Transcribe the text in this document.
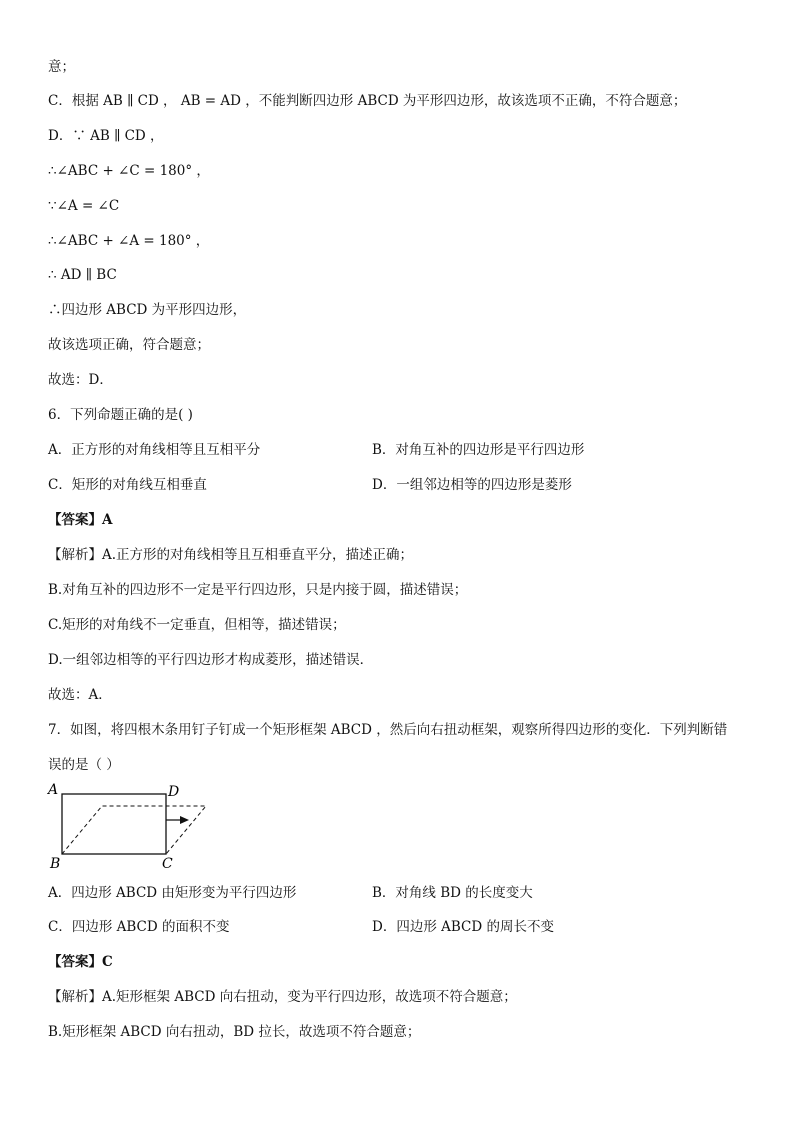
意；
C．根据 AB ∥ CD ， AB = AD ，不能判断四边形 ABCD 为平形四边形，故该选项不正确，不符合题意；
D．∵ AB ∥ CD ，
∴∠ABC + ∠C = 180° ，
∵∠A = ∠C
∴∠ABC + ∠A = 180° ，
∴ AD ∥ BC
∴四边形 ABCD 为平形四边形，
故该选项正确，符合题意；
故选：D．
6．下列命题正确的是( )
A．正方形的对角线相等且互相平分	B．对角互补的四边形是平行四边形
C．矩形的对角线互相垂直	D．一组邻边相等的四边形是菱形
【答案】A
【解析】A.正方形的对角线相等且互相垂直平分，描述正确；
B.对角互补的四边形不一定是平行四边形，只是内接于圆，描述错误；
C.矩形的对角线不一定垂直，但相等，描述错误；
D.一组邻边相等的平行四边形才构成菱形，描述错误．
故选：A．
7．如图，将四根木条用钉子钉成一个矩形框架 ABCD ，然后向右扭动框架，观察所得四边形的变化．下列判断错
误的是（ ）
A	D
B	C
A．四边形 ABCD 由矩形变为平行四边形	B．对角线 BD 的长度变大
C．四边形 ABCD 的面积不变	D．四边形 ABCD 的周长不变
【答案】C
【解析】A.矩形框架 ABCD 向右扭动，变为平行四边形，故选项不符合题意；
B.矩形框架 ABCD 向右扭动，BD 拉长，故选项不符合题意；
